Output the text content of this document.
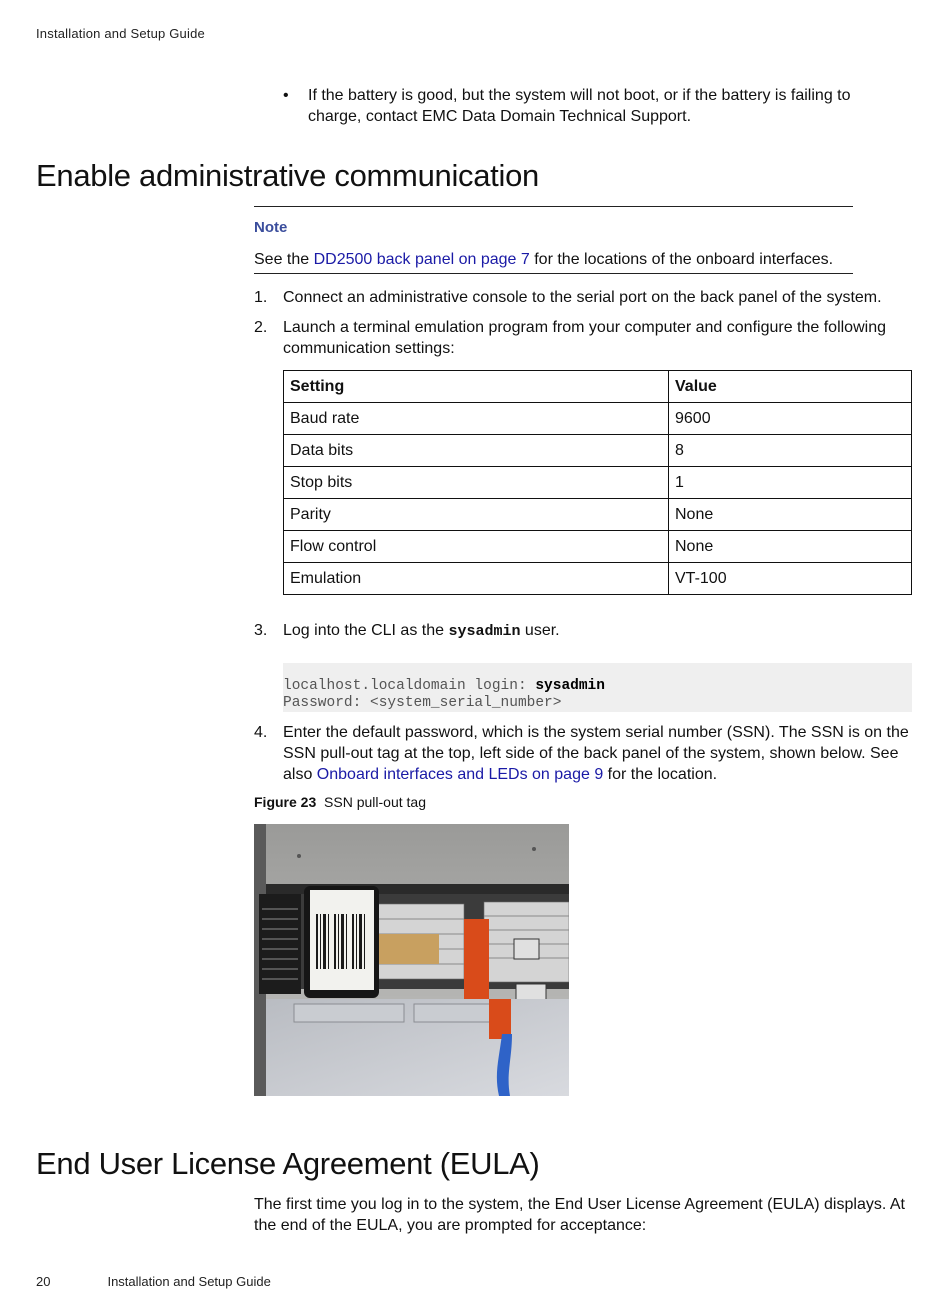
Installation and Setup Guide
• If the battery is good, but the system will not boot, or if the battery is failing to charge, contact EMC Data Domain Technical Support.
Enable administrative communication
Note
See the DD2500 back panel on page 7 for the locations of the onboard interfaces.
1. Connect an administrative console to the serial port on the back panel of the system.
2. Launch a terminal emulation program from your computer and configure the following communication settings:
Setting	Value
Baud rate	9600
Data bits	8
Stop bits	1
Parity	None
Flow control	None
Emulation	VT-100
3. Log into the CLI as the sysadmin user.
localhost.localdomain login: sysadmin
Password: <system_serial_number>
4. Enter the default password, which is the system serial number (SSN). The SSN is on the SSN pull-out tag at the top, left side of the back panel of the system, shown below. See also Onboard interfaces and LEDs on page 9 for the location.
Figure 23 SSN pull-out tag
End User License Agreement (EULA)
The first time you log in to the system, the End User License Agreement (EULA) displays. At the end of the EULA, you are prompted for acceptance:
20	Installation and Setup Guide
